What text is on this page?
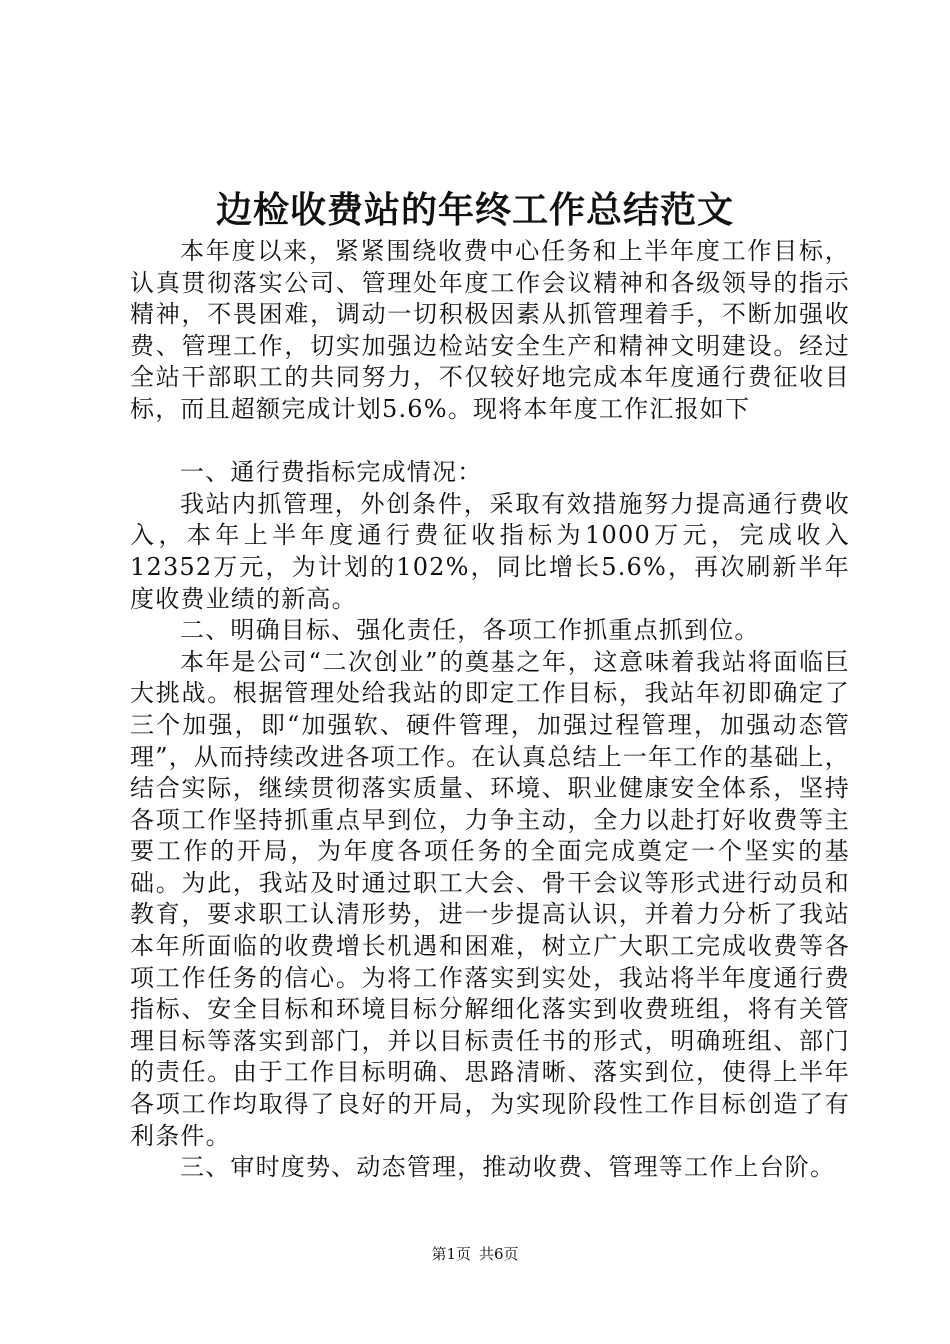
边检收费站的年终工作总结范文

本年度以来，紧紧围绕收费中心任务和上半年度工作目标，认真贯彻落实公司、管理处年度工作会议精神和各级领导的指示精神，不畏困难，调动一切积极因素从抓管理着手，不断加强收费、管理工作，切实加强边检站安全生产和精神文明建设。经过全站干部职工的共同努力，不仅较好地完成本年度通行费征收目标，而且超额完成计划5.6%。现将本年度工作汇报如下

一、通行费指标完成情况：

我站内抓管理，外创条件，采取有效措施努力提高通行费收入，本年上半年度通行费征收指标为1000万元，完成收入12352万元，为计划的102%，同比增长5.6%，再次刷新半年度收费业绩的新高。

二、明确目标、强化责任，各项工作抓重点抓到位。

本年是公司“二次创业”的奠基之年，这意味着我站将面临巨大挑战。根据管理处给我站的即定工作目标，我站年初即确定了三个加强，即“加强软、硬件管理，加强过程管理，加强动态管理”，从而持续改进各项工作。在认真总结上一年工作的基础上，结合实际，继续贯彻落实质量、环境、职业健康安全体系，坚持各项工作坚持抓重点早到位，力争主动，全力以赴打好收费等主要工作的开局，为年度各项任务的全面完成奠定一个坚实的基础。为此，我站及时通过职工大会、骨干会议等形式进行动员和教育，要求职工认清形势，进一步提高认识，并着力分析了我站本年所面临的收费增长机遇和困难，树立广大职工完成收费等各项工作任务的信心。为将工作落实到实处，我站将半年度通行费指标、安全目标和环境目标分解细化落实到收费班组，将有关管理目标等落实到部门，并以目标责任书的形式，明确班组、部门的责任。由于工作目标明确、思路清晰、落实到位，使得上半年各项工作均取得了良好的开局，为实现阶段性工作目标创造了有利条件。

三、审时度势、动态管理，推动收费、管理等工作上台阶。

第1页 共6页
